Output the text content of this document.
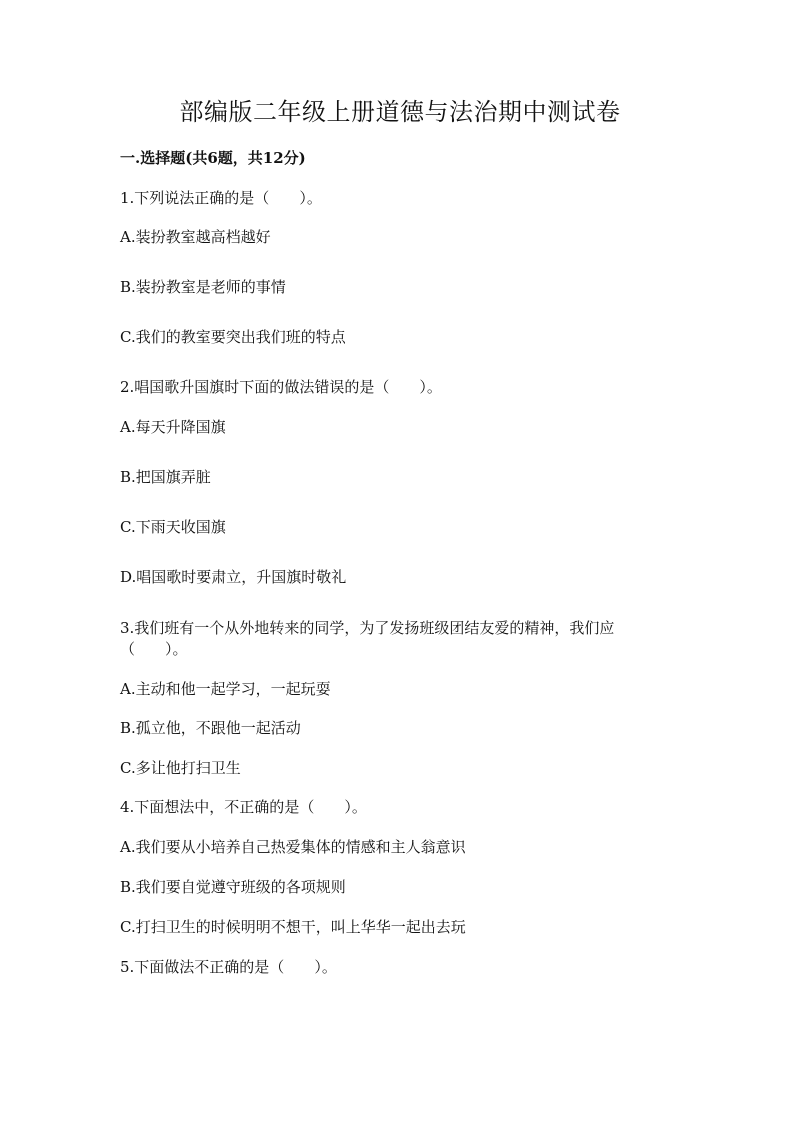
部编版二年级上册道德与法治期中测试卷

一.选择题(共6题，共12分)

1.下列说法正确的是（　　）。

A.装扮教室越高档越好

B.装扮教室是老师的事情

C.我们的教室要突出我们班的特点

2.唱国歌升国旗时下面的做法错误的是（　　）。

A.每天升降国旗

B.把国旗弄脏

C.下雨天收国旗

D.唱国歌时要肃立，升国旗时敬礼

3.我们班有一个从外地转来的同学，为了发扬班级团结友爱的精神，我们应

（　　）。

A.主动和他一起学习，一起玩耍

B.孤立他，不跟他一起活动

C.多让他打扫卫生

4.下面想法中，不正确的是（　　）。

A.我们要从小培养自己热爱集体的情感和主人翁意识

B.我们要自觉遵守班级的各项规则

C.打扫卫生的时候明明不想干，叫上华华一起出去玩

5.下面做法不正确的是（　　）。
